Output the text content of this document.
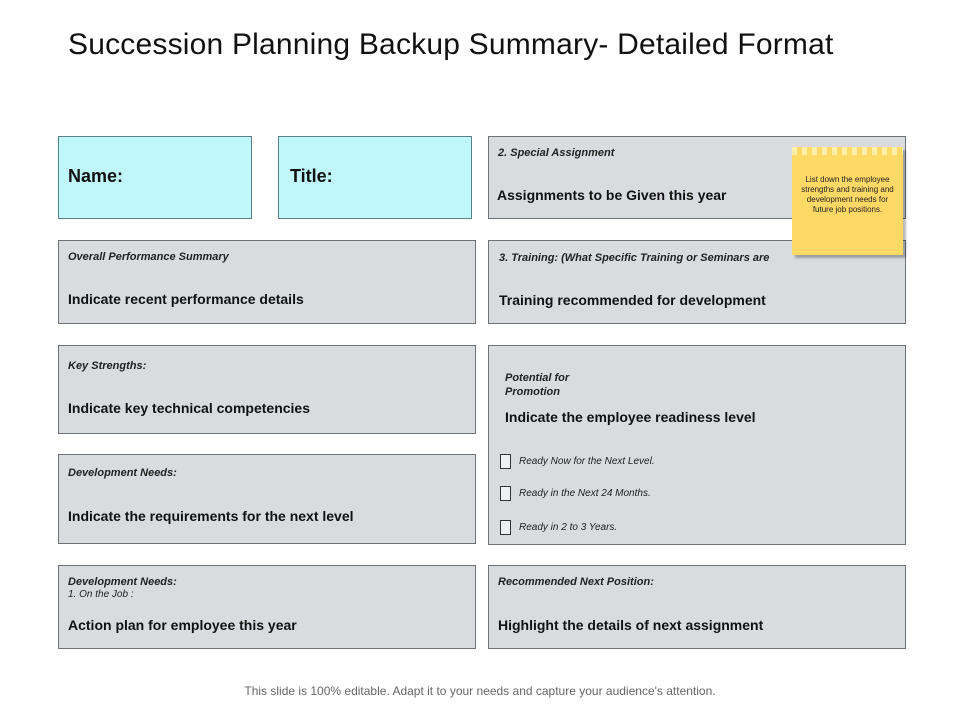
Succession Planning Backup Summary- Detailed Format
Name:	Title:
2. Special Assignment
Assignments to be Given this year
Overall Performance Summary
Indicate recent performance details
3. Training: (What Specific Training or Seminars are
Training recommended for development
Key Strengths:
Indicate key technical competencies
Potential for
Promotion
Indicate the employee readiness level
Ready Now for the Next Level.
Ready in the Next 24 Months.
Ready in 2 to 3 Years.
Development Needs:
Indicate the requirements for the next level
Development Needs:
1. On the Job :
Action plan for employee this year
Recommended Next Position:
Highlight the details of next assignment
List down the employee strengths and training and development needs for future job positions.
This slide is 100% editable. Adapt it to your needs and capture your audience's attention.
